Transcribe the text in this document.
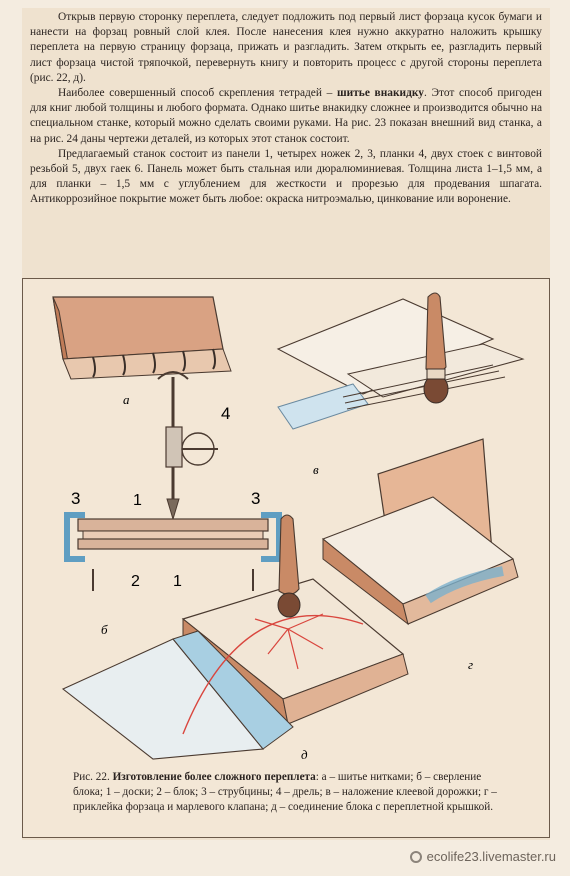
Открыв первую сторонку переплета, следует подложить под первый лист форзаца кусок бумаги и нанести на форзац ровный слой клея. После нанесения клея нужно аккуратно наложить крышку переплета на первую страницу форзаца, прижать и разгладить. Затем открыть ее, разгладить первый лист форзаца чистой тряпочкой, перевернуть книгу и повторить процесс с другой стороны переплета (рис. 22, д).

Наиболее совершенный способ скрепления тетрадей – шитье внакидку. Этот способ пригоден для книг любой толщины и любого формата. Однако шитье внакидку сложнее и производится обычно на специальном станке, который можно сделать своими руками. На рис. 23 показан внешний вид станка, а на рис. 24 даны чертежи деталей, из которых этот станок состоит.

Предлагаемый станок состоит из панели 1, четырех ножек 2, 3, планки 4, двух стоек с винтовой резьбой 5, двух гаек 6. Панель может быть стальная или дюралюминиевая. Толщина листа 1–1,5 мм, а для планки – 1,5 мм с углублением для жесткости и прорезью для продевания шпагата. Антикоррозийное покрытие может быть любое: окраска нитроэмалью, цинкование или воронение.

а
в
4
3	3
1
2 1
б
г
д
Рис. 22. Изготовление более сложного переплета: а – шитье нитками; б – сверление блока; 1 – доски; 2 – блок; 3 – струбцины; 4 – дрель; в – наложение клеевой дорожки; г – приклейка форзаца и марлевого клапана; д – соединение блока с переплетной крышкой.
ecolife23.livemaster.ru
